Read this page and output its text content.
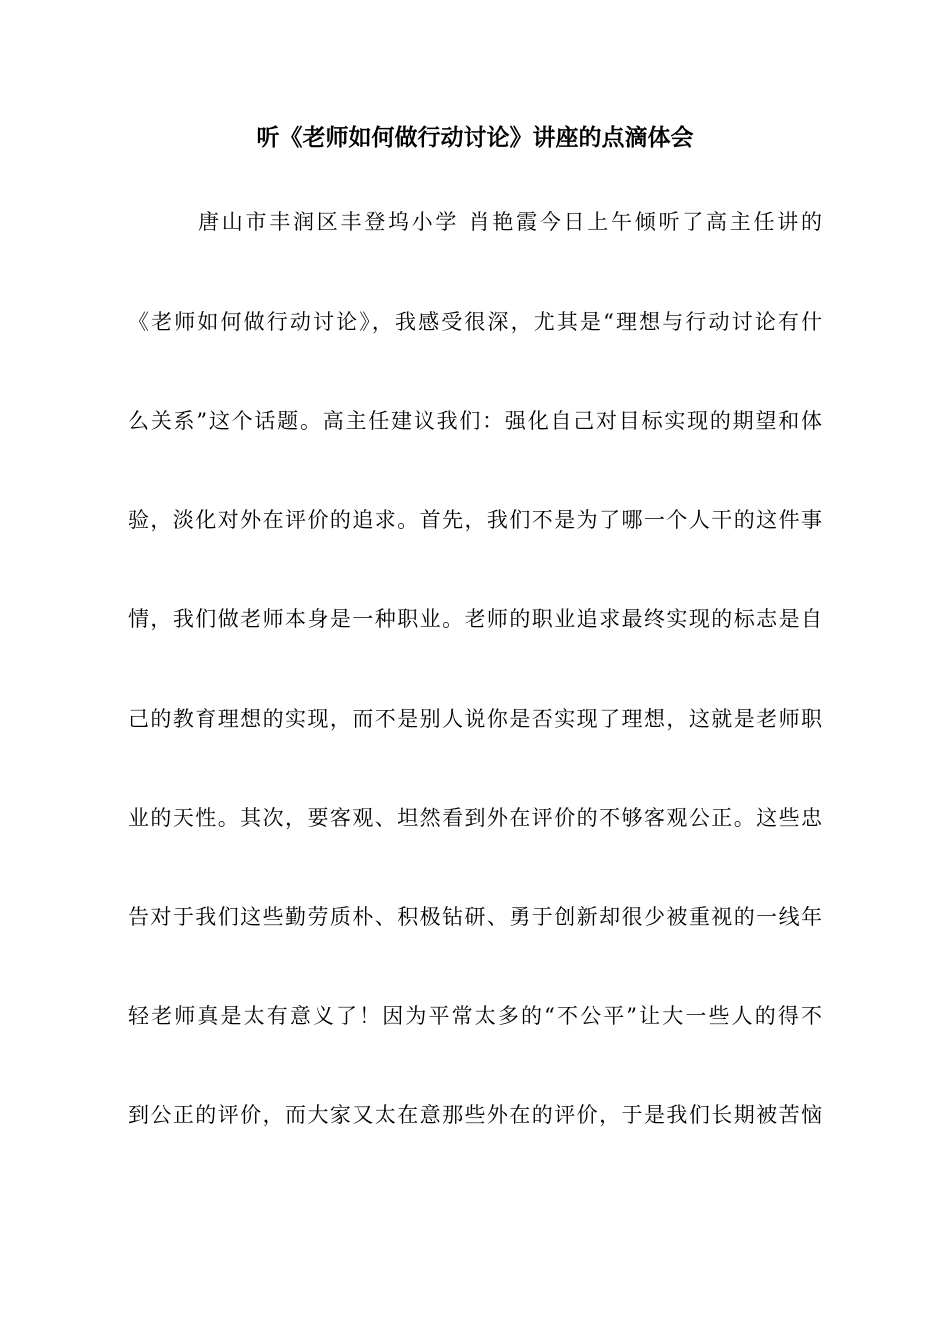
听《老师如何做行动讨论》讲座的点滴体会

唐山市丰润区丰登坞小学 肖艳霞今日上午倾听了高主任讲的

《老师如何做行动讨论》，我感受很深，尤其是“理想与行动讨论有什

么关系”这个话题。高主任建议我们：强化自己对目标实现的期望和体

验，淡化对外在评价的追求。首先，我们不是为了哪一个人干的这件事

情，我们做老师本身是一种职业。老师的职业追求最终实现的标志是自

己的教育理想的实现，而不是别人说你是否实现了理想，这就是老师职

业的天性。其次，要客观、坦然看到外在评价的不够客观公正。这些忠

告对于我们这些勤劳质朴、积极钻研、勇于创新却很少被重视的一线年

轻老师真是太有意义了！因为平常太多的“不公平”让大一些人的得不

到公正的评价，而大家又太在意那些外在的评价，于是我们长期被苦恼
